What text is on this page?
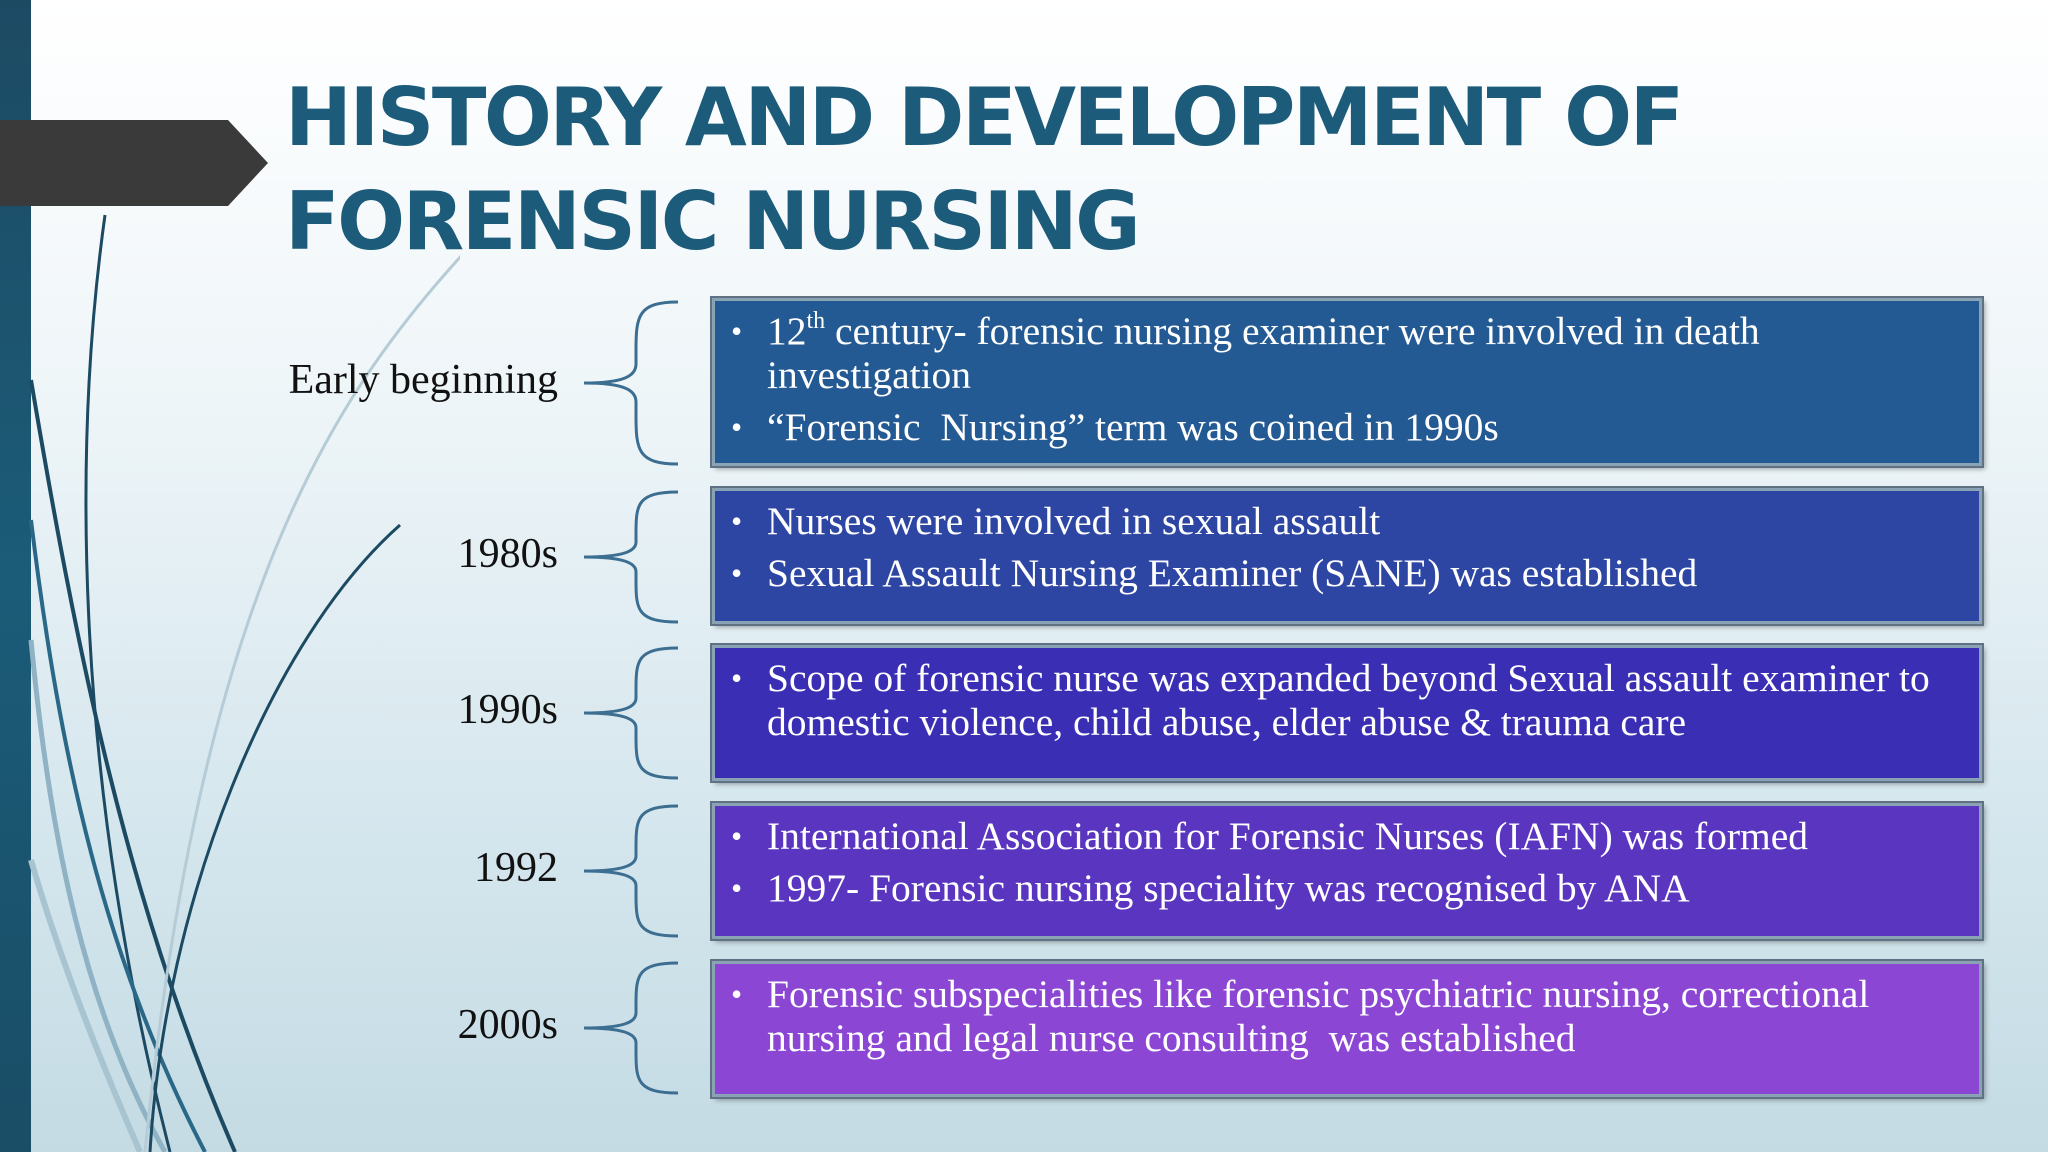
HISTORY AND DEVELOPMENT OF FORENSIC NURSING
Early beginning
• 12th century- forensic nursing examiner were involved in death investigation
• “Forensic  Nursing” term was coined in 1990s
1980s
• Nurses were involved in sexual assault
• Sexual Assault Nursing Examiner (SANE) was established
1990s
• Scope of forensic nurse was expanded beyond Sexual assault examiner to domestic violence, child abuse, elder abuse & trauma care
1992
• International Association for Forensic Nurses (IAFN) was formed
• 1997- Forensic nursing speciality was recognised by ANA
2000s
• Forensic subspecialities like forensic psychiatric nursing, correctional nursing and legal nurse consulting  was established
